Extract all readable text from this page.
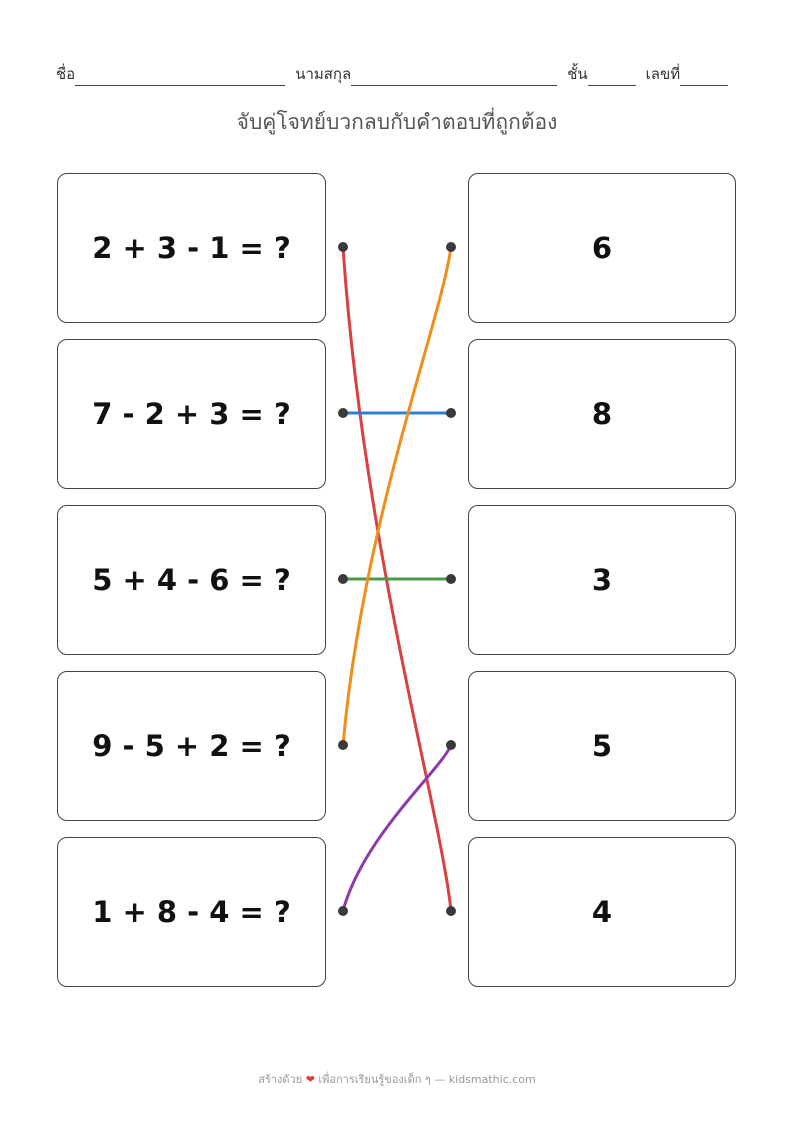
ชื่อ	นามสกุล	ชั้น	เลขที่
จับคู่โจทย์บวกลบกับคำตอบที่ถูกต้อง
2 + 3 - 1 = ?
7 - 2 + 3 = ?
5 + 4 - 6 = ?
9 - 5 + 2 = ?
1 + 8 - 4 = ?
6
8
3
5
4
สร้างด้วย ❤ เพื่อการเรียนรู้ของเด็ก ๆ — kidsmathic.com
